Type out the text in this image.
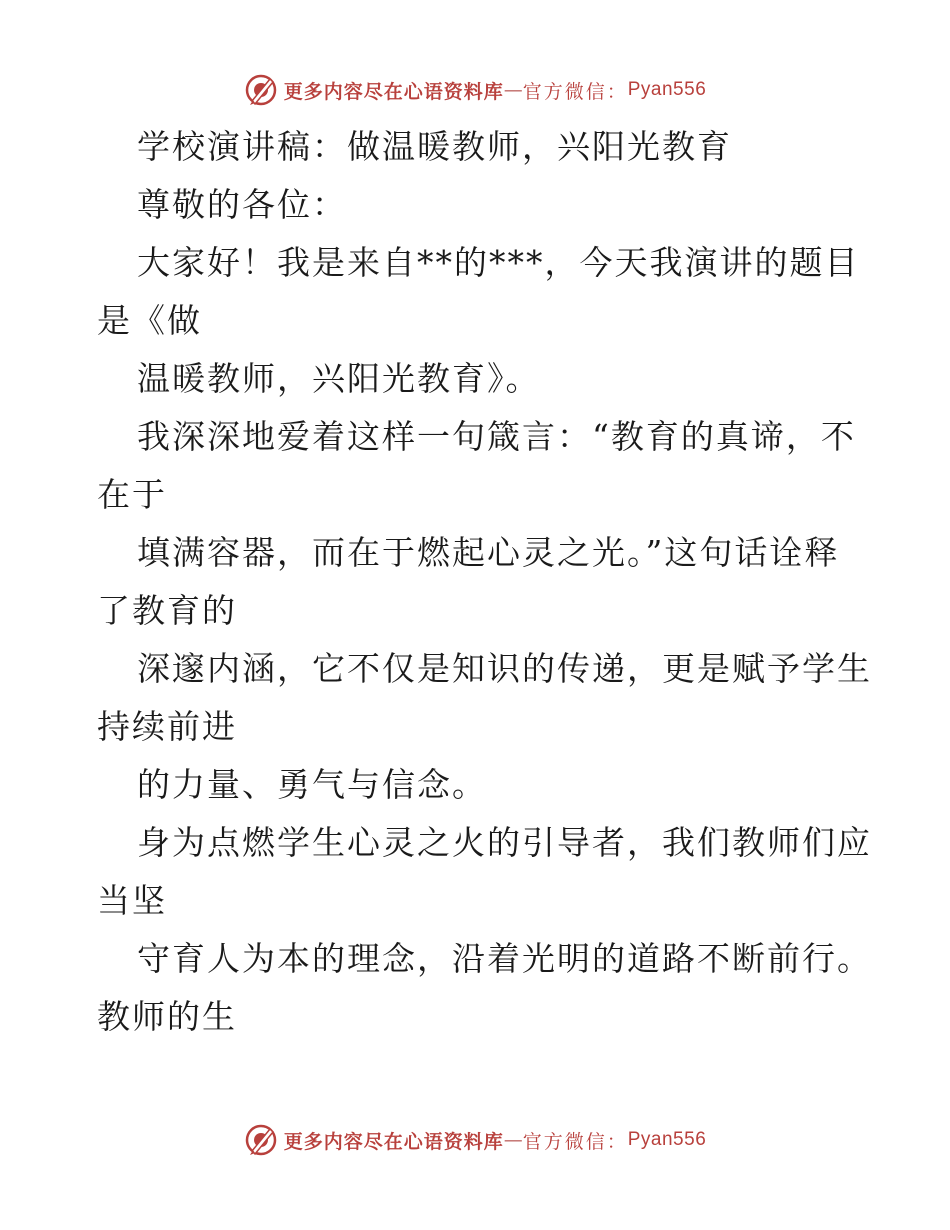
更多内容尽在心语资料库 — 官方微信： Pyan556
学校演讲稿：做温暖教师，兴阳光教育
尊敬的各位：
大家好！我是来自**的***，今天我演讲的题目
是《做
温暖教师，兴阳光教育》。
我深深地爱着这样一句箴言：“教育的真谛，不
在于
填满容器，而在于燃起心灵之光。”这句话诠释
了教育的
深邃内涵，它不仅是知识的传递，更是赋予学生
持续前进
的力量、勇气与信念。
身为点燃学生心灵之火的引导者，我们教师们应
当坚
守育人为本的理念，沿着光明的道路不断前行。
教师的生
更多内容尽在心语资料库 — 官方微信： Pyan556
